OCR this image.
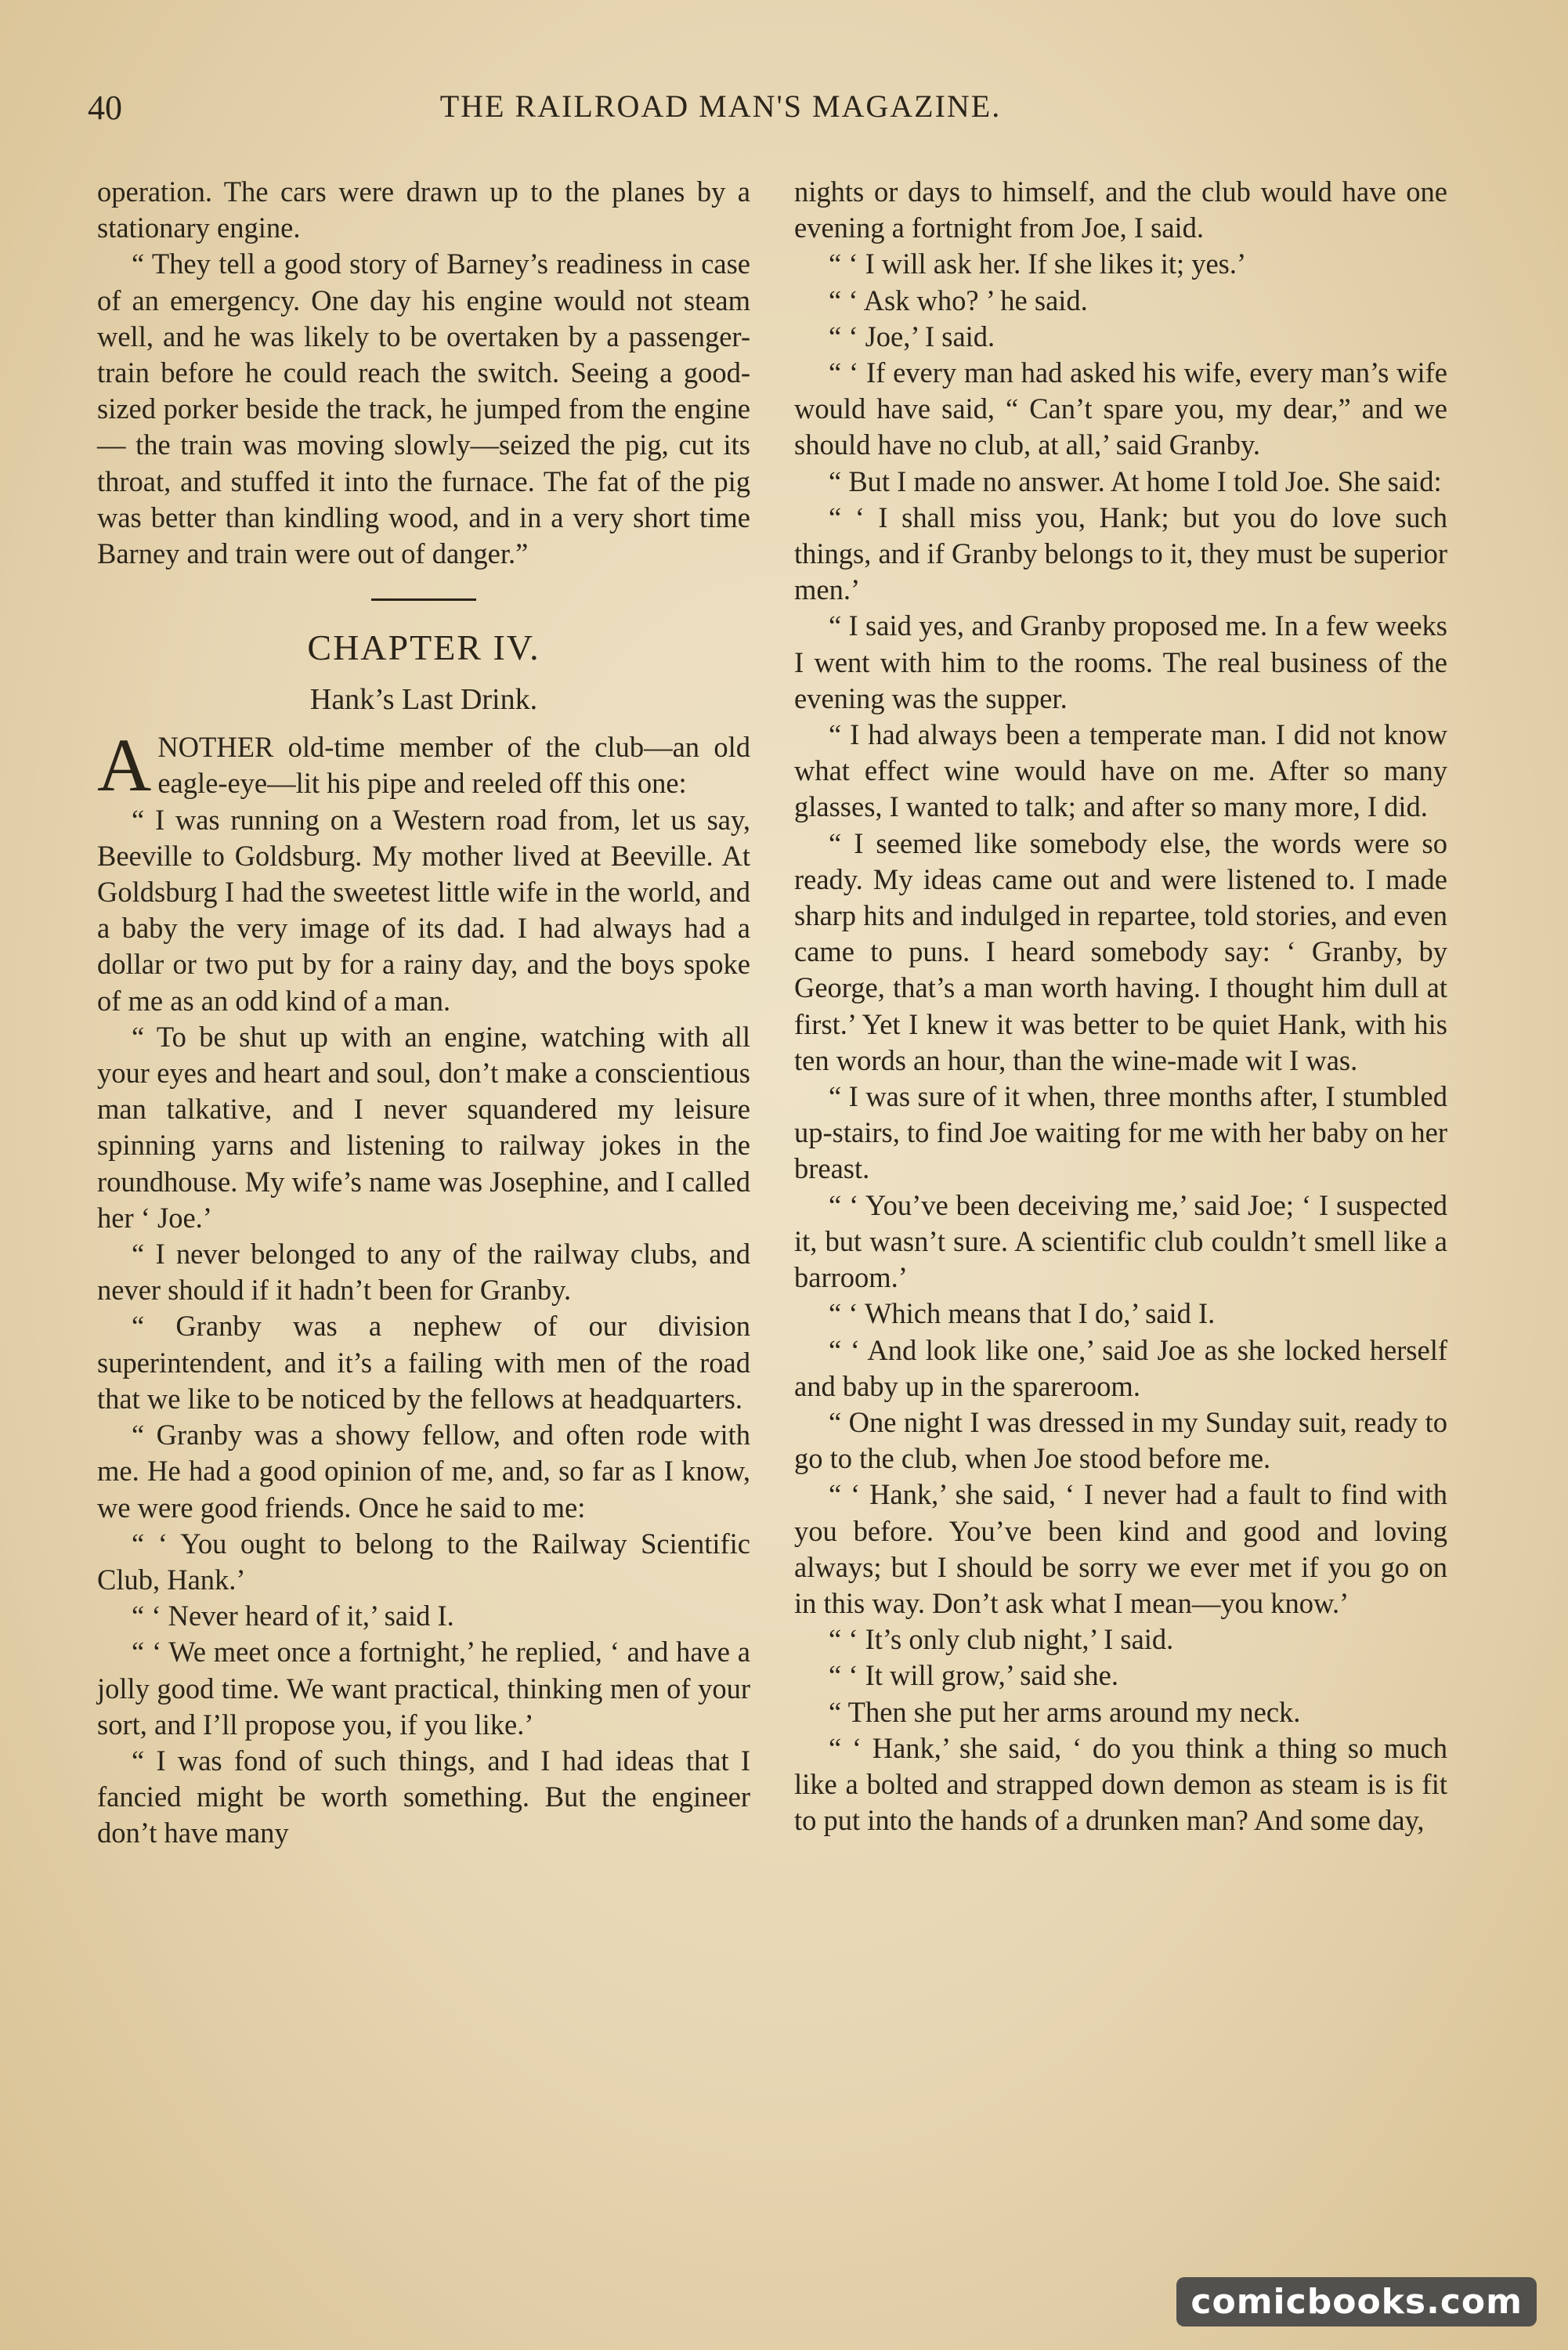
40	THE RAILROAD MAN'S MAGAZINE.

operation. The cars were drawn up to the planes by a stationary engine.

“ They tell a good story of Barney’s readiness in case of an emergency. One day his engine would not steam well, and he was likely to be overtaken by a passenger-train before he could reach the switch. Seeing a good-sized porker beside the track, he jumped from the engine — the train was moving slowly—seized the pig, cut its throat, and stuffed it into the furnace. The fat of the pig was better than kindling wood, and in a very short time Barney and train were out of danger.”

CHAPTER IV.
Hank’s Last Drink.

ANOTHER old-time member of the club—an old eagle-eye—lit his pipe and reeled off this one:

“ I was running on a Western road from, let us say, Beeville to Goldsburg. My mother lived at Beeville. At Goldsburg I had the sweetest little wife in the world, and a baby the very image of its dad. I had always had a dollar or two put by for a rainy day, and the boys spoke of me as an odd kind of a man.

“ To be shut up with an engine, watching with all your eyes and heart and soul, don’t make a conscientious man talkative, and I never squandered my leisure spinning yarns and listening to railway jokes in the roundhouse. My wife’s name was Josephine, and I called her ‘ Joe.’

“ I never belonged to any of the railway clubs, and never should if it hadn’t been for Granby.

“ Granby was a nephew of our division superintendent, and it’s a failing with men of the road that we like to be noticed by the fellows at headquarters.

“ Granby was a showy fellow, and often rode with me. He had a good opinion of me, and, so far as I know, we were good friends. Once he said to me:

“ ‘ You ought to belong to the Railway Scientific Club, Hank.’

“ ‘ Never heard of it,’ said I.

“ ‘ We meet once a fortnight,’ he replied, ‘ and have a jolly good time. We want practical, thinking men of your sort, and I’ll propose you, if you like.’

“ I was fond of such things, and I had ideas that I fancied might be worth something. But the engineer don’t have many

nights or days to himself, and the club would have one evening a fortnight from Joe, I said.

“ ‘ I will ask her. If she likes it; yes.’

“ ‘ Ask who? ’ he said.

“ ‘ Joe,’ I said.

“ ‘ If every man had asked his wife, every man’s wife would have said, “ Can’t spare you, my dear,” and we should have no club, at all,’ said Granby.

“ But I made no answer. At home I told Joe. She said:

“ ‘ I shall miss you, Hank; but you do love such things, and if Granby belongs to it, they must be superior men.’

“ I said yes, and Granby proposed me. In a few weeks I went with him to the rooms. The real business of the evening was the supper.

“ I had always been a temperate man. I did not know what effect wine would have on me. After so many glasses, I wanted to talk; and after so many more, I did.

“ I seemed like somebody else, the words were so ready. My ideas came out and were listened to. I made sharp hits and indulged in repartee, told stories, and even came to puns. I heard somebody say: ‘ Granby, by George, that’s a man worth having. I thought him dull at first.’ Yet I knew it was better to be quiet Hank, with his ten words an hour, than the wine-made wit I was.

“ I was sure of it when, three months after, I stumbled up-stairs, to find Joe waiting for me with her baby on her breast.

“ ‘ You’ve been deceiving me,’ said Joe; ‘ I suspected it, but wasn’t sure. A scientific club couldn’t smell like a barroom.’

“ ‘ Which means that I do,’ said I.

“ ‘ And look like one,’ said Joe as she locked herself and baby up in the spareroom.

“ One night I was dressed in my Sunday suit, ready to go to the club, when Joe stood before me.

“ ‘ Hank,’ she said, ‘ I never had a fault to find with you before. You’ve been kind and good and loving always; but I should be sorry we ever met if you go on in this way. Don’t ask what I mean—you know.’

“ ‘ It’s only club night,’ I said.

“ ‘ It will grow,’ said she.

“ Then she put her arms around my neck.

“ ‘ Hank,’ she said, ‘ do you think a thing so much like a bolted and strapped down demon as steam is is fit to put into the hands of a drunken man? And some day,

comicbooks.com
